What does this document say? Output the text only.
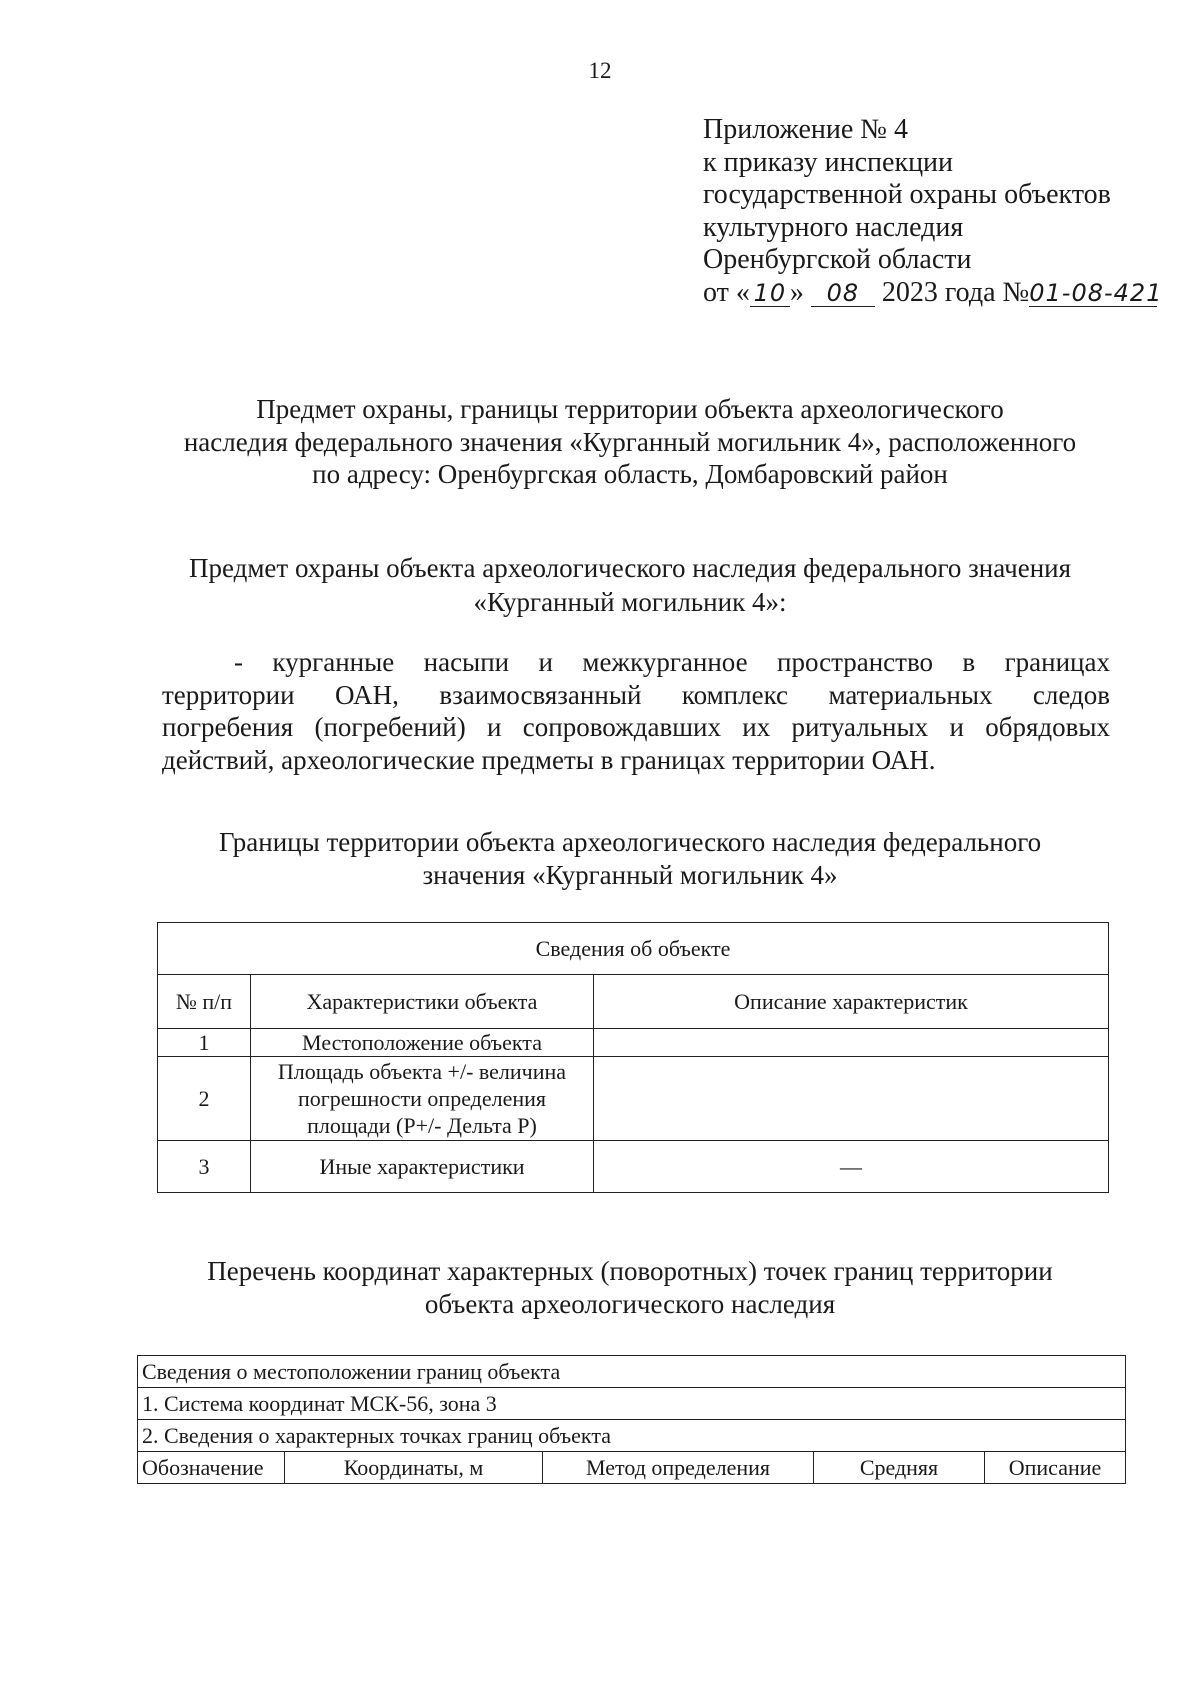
12
Приложение № 4
к приказу инспекции
государственной охраны объектов
культурного наследия
Оренбургской области
от « 10 » 08 2023 года №01-08-421
Предмет охраны, границы территории объекта археологического
наследия федерального значения «Курганный могильник 4», расположенного
по адресу: Оренбургская область, Домбаровский район
Предмет охраны объекта археологического наследия федерального значения
«Курганный могильник 4»:
- курганные насыпи и межкурганное пространство в границах
территории ОАН, взаимосвязанный комплекс материальных следов
погребения (погребений) и сопровождавших их ритуальных и обрядовых
действий, археологические предметы в границах территории ОАН.
Границы территории объекта археологического наследия федерального
значения «Курганный могильник 4»
Сведения об объекте		
№ п/п	Характеристики объекта	Описание характеристик
1	Местоположение объекта	
2	Площадь объекта +/- величина
погрешности определения
площади (Р+/- Дельта Р)	

3	Иные характеристики	—
Перечень координат характерных (поворотных) точек границ территории
объекта археологического наследия
Сведения о местоположении границ объекта
1. Система координат МСК-56, зона 3
2. Сведения о характерных точках границ объекта
Обозначение	Координаты, м	Метод определения	Средняя	Описание
